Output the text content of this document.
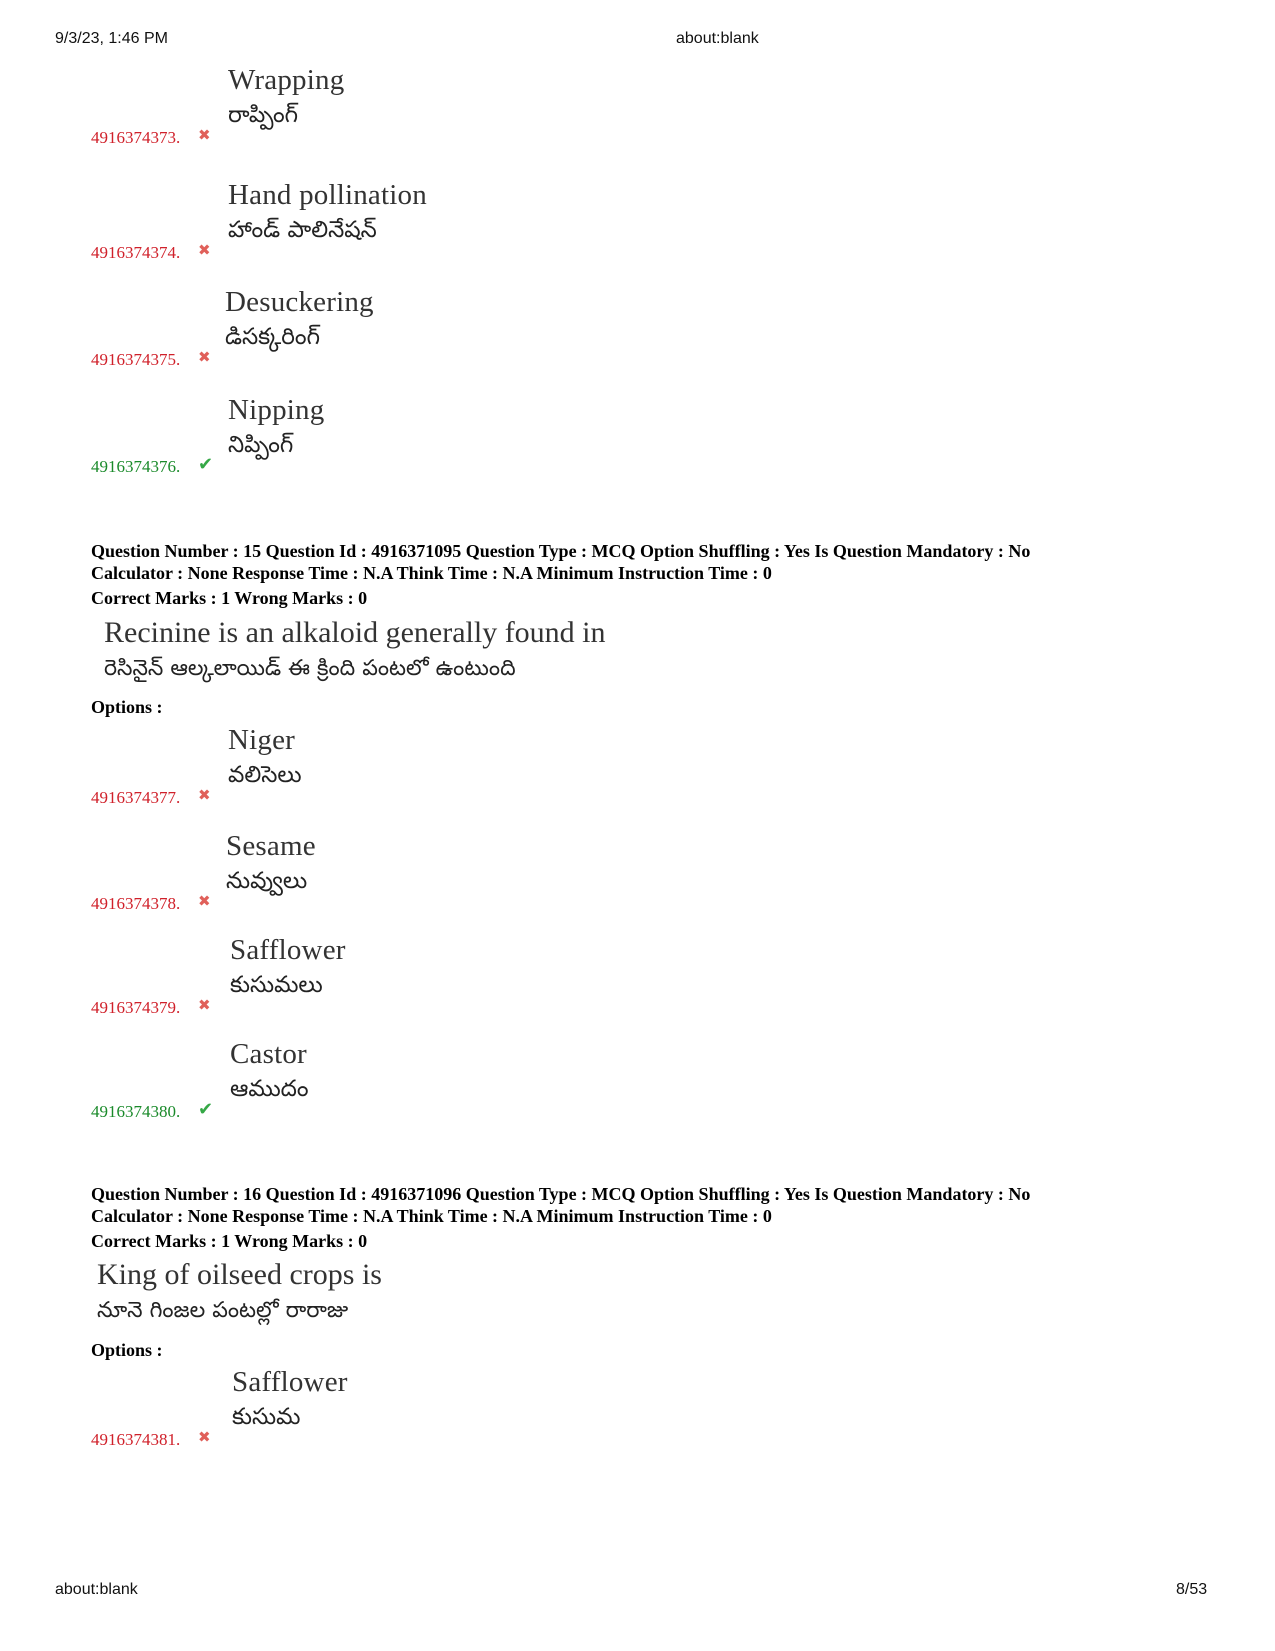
9/3/23, 1:46 PM	about:blank
about:blank	8/53
Wrapping
రాప్పింగ్
4916374373. ✖
Hand pollination
హాండ్ పాలినేషన్
4916374374. ✖
Desuckering
డిసక్కరింగ్
4916374375. ✖
Nipping
నిప్పింగ్
4916374376. ✔
Question Number : 15 Question Id : 4916371095 Question Type : MCQ Option Shuffling : Yes Is Question Mandatory : No
Calculator : None Response Time : N.A Think Time : N.A Minimum Instruction Time : 0
Correct Marks : 1 Wrong Marks : 0
Recinine is an alkaloid generally found in
రెసినైన్ ఆల్కలాయిడ్ ఈ క్రింది పంటలో ఉంటుంది
Options :
Niger
వలిసెలు
4916374377. ✖
Sesame
నువ్వులు
4916374378. ✖
Safflower
కుసుమలు
4916374379. ✖
Castor
ఆముదం
4916374380. ✔
Question Number : 16 Question Id : 4916371096 Question Type : MCQ Option Shuffling : Yes Is Question Mandatory : No
Calculator : None Response Time : N.A Think Time : N.A Minimum Instruction Time : 0
Correct Marks : 1 Wrong Marks : 0
King of oilseed crops is
నూనె గింజల పంటల్లో రారాజు
Options :
Safflower
కుసుమ
4916374381. ✖
